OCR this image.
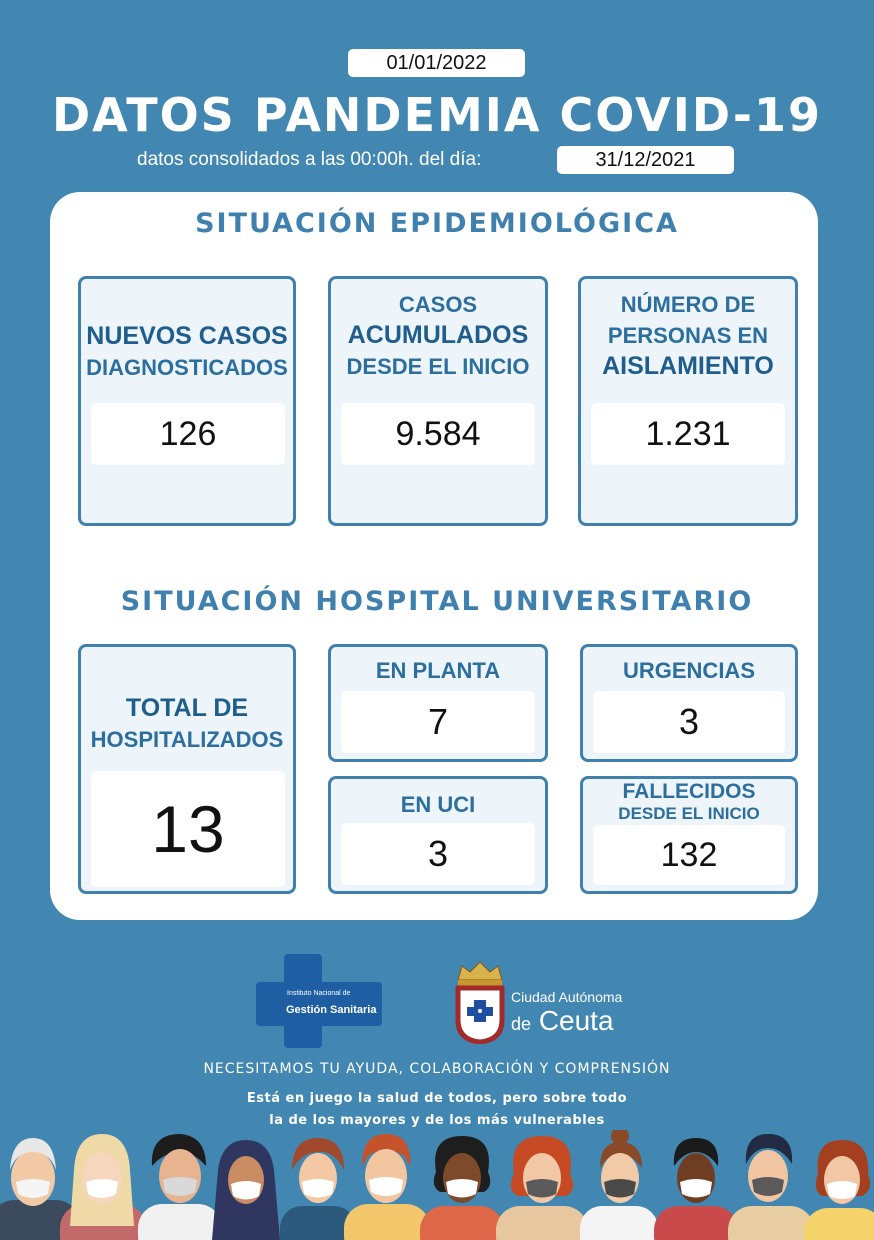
01/01/2022
DATOS PANDEMIA COVID-19
datos consolidados a las 00:00h. del día:	31/12/2021
SITUACIÓN EPIDEMIOLÓGICA
NUEVOS CASOS
DIAGNOSTICADOS
126
CASOS
ACUMULADOS
DESDE EL INICIO
9.584
NÚMERO DE
PERSONAS EN
AISLAMIENTO
1.231
SITUACIÓN HOSPITAL UNIVERSITARIO
TOTAL DE
HOSPITALIZADOS
13
EN PLANTA
7
URGENCIAS
3
EN UCI
3
FALLECIDOS
DESDE EL INICIO
132
Instituto Nacional de
Gestión Sanitaria
Ciudad Autónoma
de Ceuta
NECESITAMOS TU AYUDA, COLABORACIÓN Y COMPRENSIÓN
Está en juego la salud de todos, pero sobre todo
la de los mayores y de los más vulnerables
